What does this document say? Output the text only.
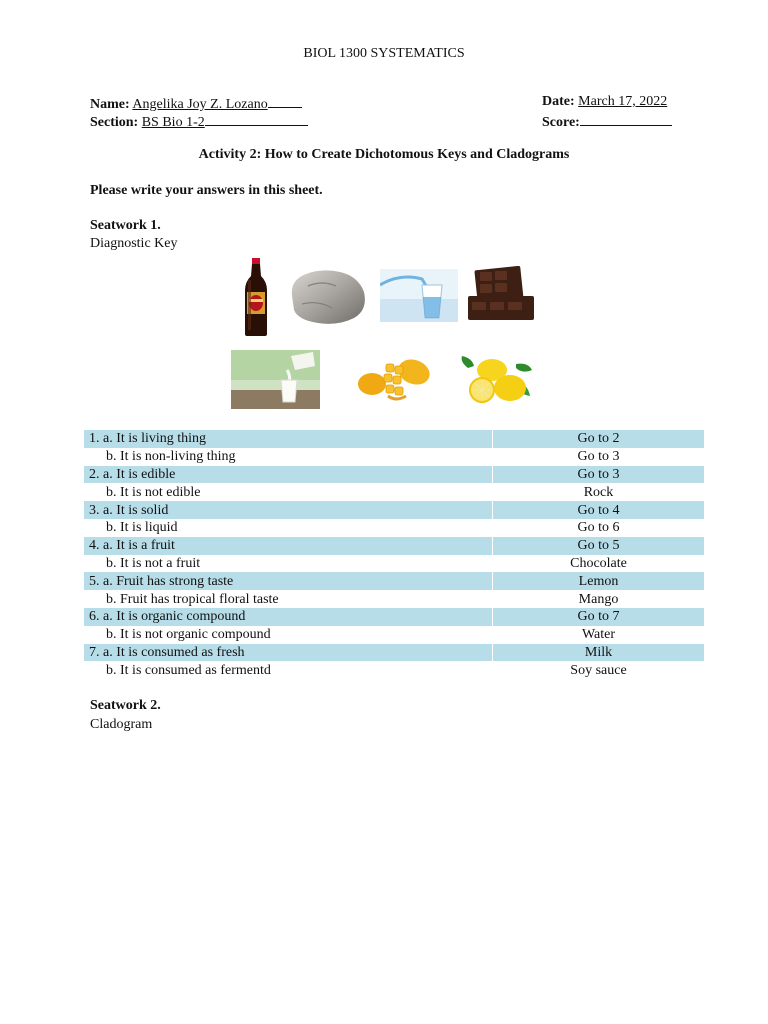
BIOL 1300 SYSTEMATICS
Name: Angelika Joy Z. Lozano
Section: BS Bio 1-2
Date: March 17, 2022
Score:
Activity 2: How to Create Dichotomous Keys and Cladograms
Please write your answers in this sheet.
Seatwork 1.
Diagnostic Key
1. a. It is living thing	Go to 2
b. It is non-living thing	Go to 3
2. a. It is edible	Go to 3
b. It is not edible	Rock
3. a. It is solid	Go to 4
b. It is liquid	Go to 6
4. a. It is a fruit	Go to 5
b. It is not a fruit	Chocolate
5. a. Fruit has strong taste	Lemon
b. Fruit has tropical floral taste	Mango
6. a. It is organic compound	Go to 7
b. It is not organic compound	Water
7. a. It is consumed as fresh	Milk
b. It is consumed as fermentd	Soy sauce
Seatwork 2.
Cladogram
